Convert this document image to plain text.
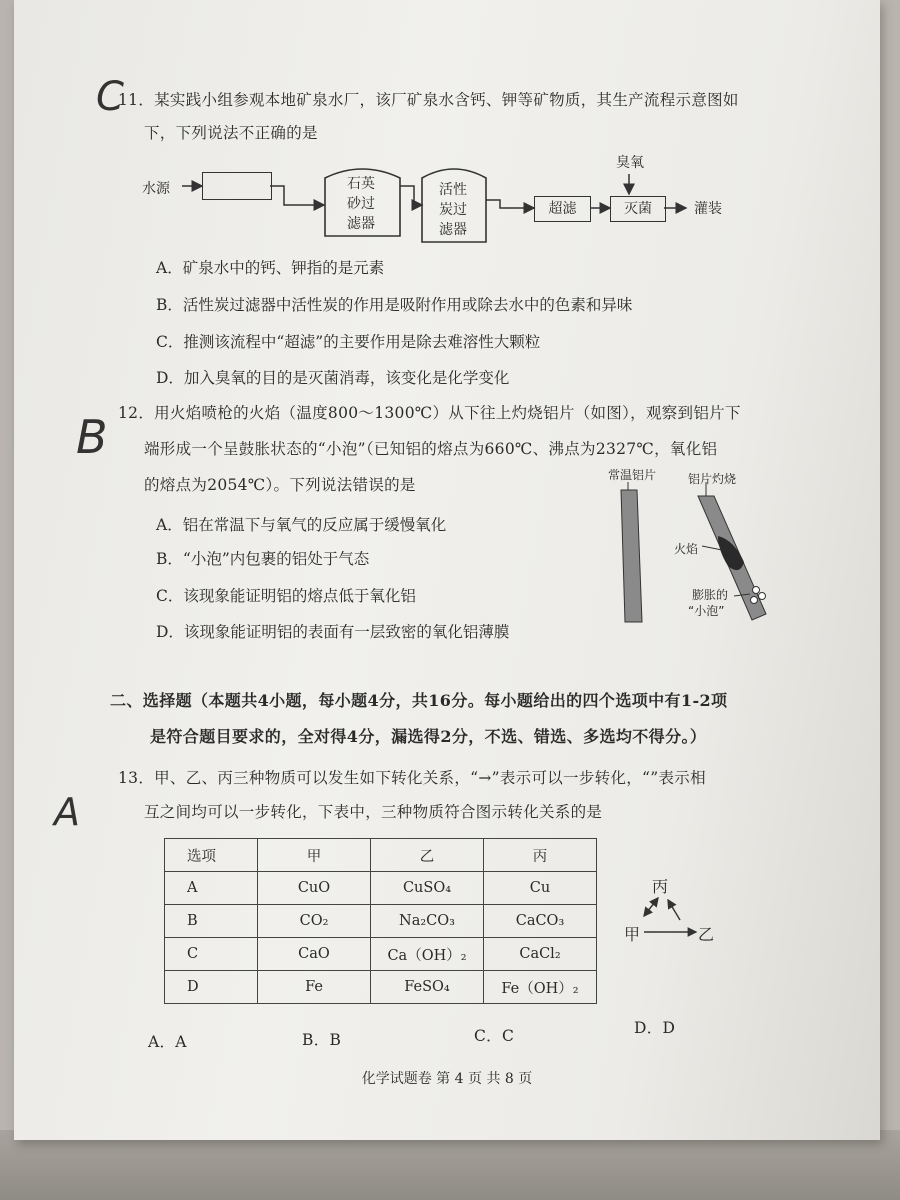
11．某实践小组参观本地矿泉水厂，该厂矿泉水含钙、钾等矿物质，其生产流程示意图如
下，下列说法不正确的是
C
水源	石英
砂过
滤器
活性
炭过
滤器
超滤	灭菌
臭氧
灌装
A．矿泉水中的钙、钾指的是元素
B．活性炭过滤器中活性炭的作用是吸附作用或除去水中的色素和异味
C．推测该流程中“超滤”的主要作用是除去难溶性大颗粒
D．加入臭氧的目的是灭菌消毒，该变化是化学变化
12．用火焰喷枪的火焰（温度800～1300℃）从下往上灼烧铝片（如图），观察到铝片下
端形成一个呈鼓胀状态的“小泡”（已知铝的熔点为660℃、沸点为2327℃，氧化铝
的熔点为2054℃）。下列说法错误的是
B
A．铝在常温下与氧气的反应属于缓慢氧化
B．“小泡”内包裹的铝处于气态
C．该现象能证明铝的熔点低于氧化铝
D．该现象能证明铝的表面有一层致密的氧化铝薄膜
常温铝片	铝片灼烧
火焰
膨胀的
“小泡”
二、选择题（本题共4小题，每小题4分，共16分。每小题给出的四个选项中有1-2项
是符合题目要求的，全对得4分，漏选得2分，不选、错选、多选均不得分。）
13．甲、乙、丙三种物质可以发生如下转化关系，“→”表示可以一步转化，“”表示相
互之间均可以一步转化，下表中，三种物质符合图示转化关系的是
A
选项	甲	乙	丙
A	CuO	CuSO₄	Cu
B	CO₂	Na₂CO₃	CaCO₃
C	CaO	Ca（OH）₂	CaCl₂
D	Fe	FeSO₄	Fe（OH）₂
丙
甲	乙
A．A	B．B	C．C	D．D
化学试题卷 第 4 页 共 8 页
